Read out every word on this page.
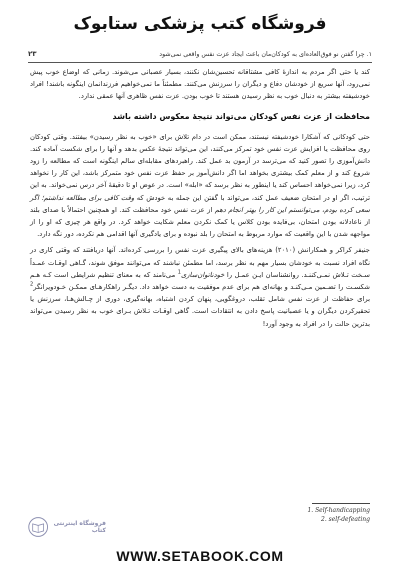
فروشگاه کتب پزشکی ستابوک
۱. چرا گفتن نو فوق‌العاده‌ای به کودکان‌مان باعث ایجاد عزت نفس واقعی نمی‌شود
۲۳

کند یا حتی اگر مردم به اندازهٔ کافی مشتاقانه تحسین‌شان نکنند، بسیار عصبانی می‌شوند. زمانی که اوضاع خوب پیش نمی‌رود، آنها سریع از خودشان دفاع و دیگران را سرزنش می‌کنند. مطمئناً ما نمی‌خواهیم فرزندانمان اینگونه باشند! افراد خودشیفته بیشتر به دنبال خوب به نظر رسیدن هستند تا خوب بودن. عزت نفس ظاهری آنها عمقی ندارد.

محافظت از عزت نفس کودکان می‌تواند نتیجهٔ معکوس داشته باشد

حتی کودکانی که آشکارا خودشیفته نیستند، ممکن است در دام تلاش برای «خوب به نظر رسیدن» بیفتند. وقتی کودکان روی محافظت یا افزایش عزت نفس خود تمرکز می‌کنند، این می‌تواند نتیجهٔ عکس بدهد و آنها را برای شکست آماده کند. دانش‌آموزی را تصور کنید که می‌ترسد در آزمون بد عمل کند. راهبردهای مقابله‌ای سالم اینگونه است که مطالعه را زود شروع کند و از معلم کمک بیشتری بخواهد اما اگر دانش‌آموز بر حفظ عزت نفس خود متمرکز باشد، این کار را نخواهد کرد، زیرا نمی‌خواهد احساس کند یا اینطور به نظر برسد که «ابله» است. در عوض او تا دقیقهٔ آخر درس نمی‌خواند. به این ترتیب، اگر او در امتحان ضعیف عمل کند، می‌تواند با گفتن این جمله به خودش که وقت کافی برای مطالعه نداشتم؛ اگر سعی کرده بودم، می‌توانستم این کار را بهتر انجام دهم از عزت نفس خود محافظت کند. او همچنین احتمالاً با صدای بلند از ناعادلانه بودن امتحان، بی‌فایده بودن کلاس یا کمک نکردن معلم شکایت خواهد کرد. در واقع هر چیزی که او را از مواجهه شدن با این واقعیت که موارد مربوط به امتحان را بلد نبوده و برای یادگیری آنها اقدامی هم نکرده، دور نگه دارد.

جنیفر کراکر و همکارانش (۲۰۱۰) هزینه‌های بالای پیگیری عزت نفس را بررسی کرده‌اند. آنها دریافتند که وقتی کاری در نگاه افراد نسبت به خودشان بسیار مهم به نظر برسد، اما مطمئن نباشند که می‌توانند موفق شوند، گـاهی اوقـات عمـداً سـخت تـلاش نمـی‌کننـد. روانشناسان ایـن عمـل را خودناتوان‌سازی$^1$ می‌نامند که به معنای تنظیم شرایطی است کـه هـم شکسـت را تضـمین مـی‌کنـد و بهانه‌ای هم برای عدم موفقیت به دست خواهد داد. دیگـر راهکارهـای ممکـن خـودویرانگر$^2$ برای حفاظت از عزت نفس شامل تقلب، دروغگویی، پنهان کردن اشتباه، بهانه‌گیری، دوری از چـالش‌هـا، سرزنش یا تحقیرکردن دیگران و یا عصبانیت پاسخ دادن به انتقادات است. گاهی اوقـات تـلاش بـرای خوب به نظر رسیدن می‌تواند بدترین حالت را در افراد به وجود آورد!

1. Self-handicapping
2. self-defeating
فروشگاه اینترنتی کتاب
WWW.SETABOOK.COM
